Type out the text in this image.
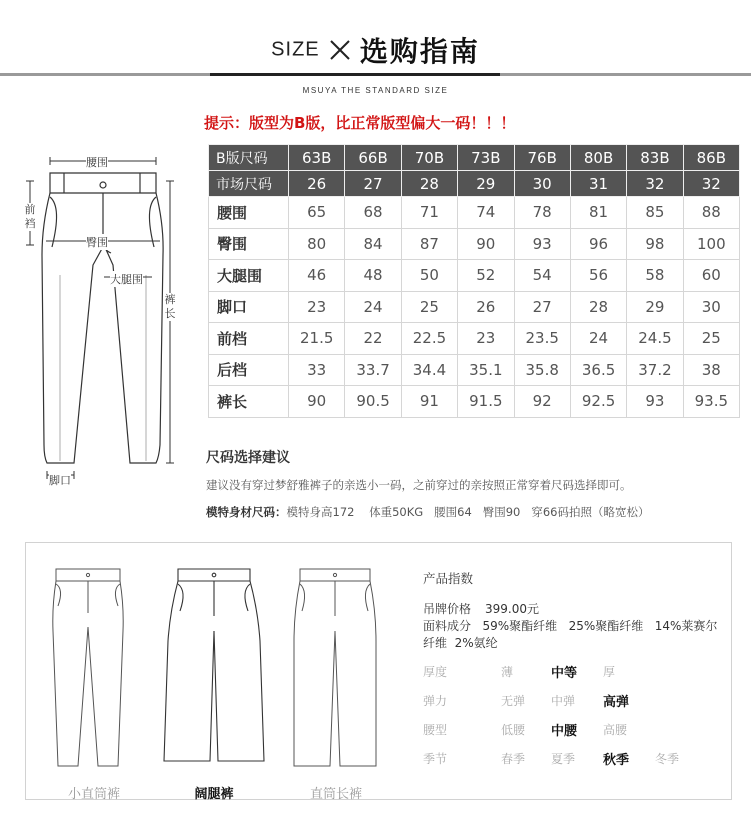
SIZE 选购指南
MSUYA THE STANDARD SIZE
提示：版型为B版，比正常版型偏大一码！！！
B版尺码	63B	66B	70B	73B	76B	80B	83B	86B
市场尺码	26	27	28	29	30	31	32	32
腰围	65	68	71	74	78	81	85	88
臀围	80	84	87	90	93	96	98	100
大腿围	46	48	50	52	54	56	58	60
脚口	23	24	25	26	27	28	29	30
前档	21.5	22	22.5	23	23.5	24	24.5	25
后档	33	33.7	34.4	35.1	35.8	36.5	37.2	38
裤长	90	90.5	91	91.5	92	92.5	93	93.5
腰围
前裆
臀围
大腿围
裤长
脚口
尺码选择建议
建议没有穿过梦舒雅裤子的亲选小一码，之前穿过的亲按照正常穿着尺码选择即可。
模特身材尺码：模特身高172    体重50KG   腰围64   臀围90   穿66码拍照（略宽松）
小直筒裤	阔腿裤	直筒长裤
产品指数
吊牌价格 399.00元
面料成分 59%聚酯纤维   25%聚酯纤维   14%莱赛尔纤维  2%氨纶
厚度	薄	中等 厚
弹力	无弹 中弹 高弹
腰型	低腰 中腰 高腰
季节	春季 夏季 秋季 冬季
